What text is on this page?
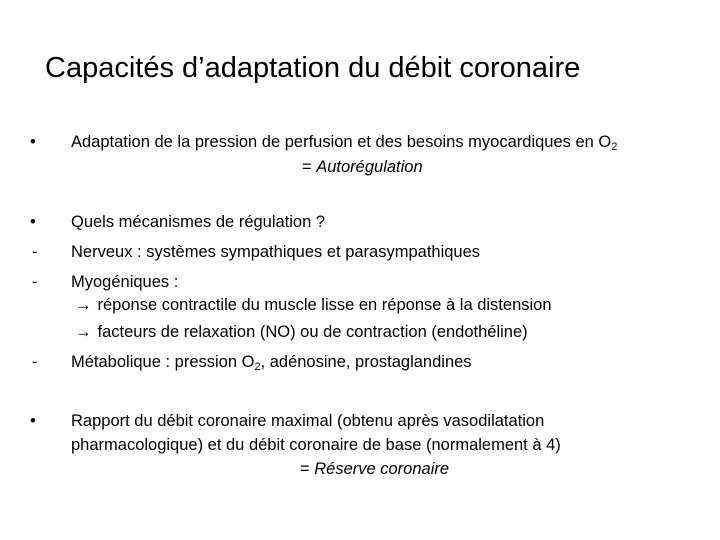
Capacités d’adaptation du débit coronaire
• Adaptation de la pression de perfusion et des besoins myocardiques en $O_2$
= Autorégulation
• Quels mécanismes de régulation ?
- Nerveux : systèmes sympathiques et parasympathiques
- Myogéniques :
→ réponse contractile du muscle lisse en réponse à la distension
→ facteurs de relaxation (NO) ou de contraction (endothéline)
- Métabolique : pression $O_2$, adénosine, prostaglandines
• Rapport du débit coronaire maximal (obtenu après vasodilatation
pharmacologique) et du débit coronaire de base (normalement à 4)
= Réserve coronaire
